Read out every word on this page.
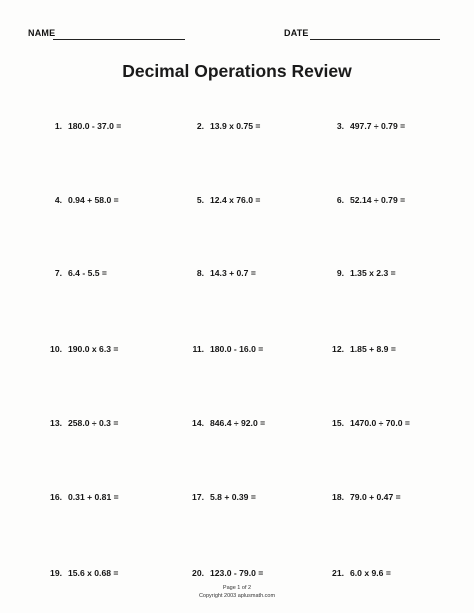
NAME	DATE
Decimal Operations Review
1. 180.0 - 37.0 =	2. 13.9 x 0.75 =	3. 497.7 ÷ 0.79 =
4. 0.94 + 58.0 =	5. 12.4 x 76.0 =	6. 52.14 ÷ 0.79 =
7. 6.4 - 5.5 =	8. 14.3 + 0.7 =	9. 1.35 x 2.3 =
10. 190.0 x 6.3 =	11. 180.0 - 16.0 =	12. 1.85 + 8.9 =
13. 258.0 ÷ 0.3 =	14. 846.4 ÷ 92.0 =	15. 1470.0 ÷ 70.0 =
16. 0.31 + 0.81 =	17. 5.8 + 0.39 =	18. 79.0 + 0.47 =
19. 15.6 x 0.68 =	20. 123.0 - 79.0 =	21. 6.0 x 9.6 =
Page 1 of 2
Copyright 2003 aplusmath.com
